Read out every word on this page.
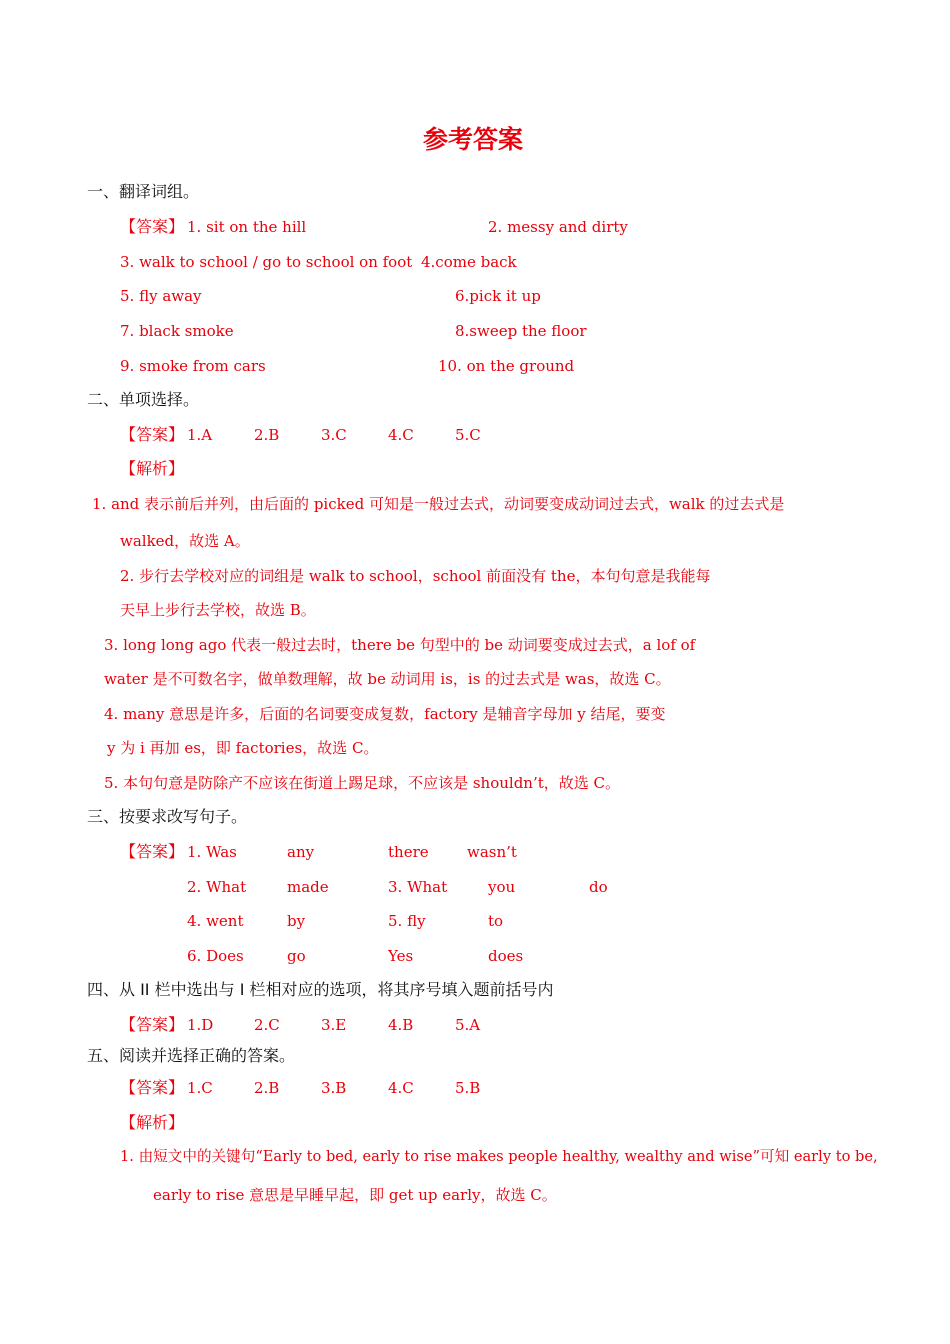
参考答案
一、翻译词组。
【答案】 1. sit on the hill	2. messy and dirty
3. walk to school / go to school on foot 4.come back
5. fly away	6.pick it up
7. black smoke	8.sweep the floor
9. smoke from cars	10. on the ground
二、单项选择。
【答案】 1.A	2.B	3.C	4.C	5.C
【解析】
1. and 表示前后并列，由后面的 picked 可知是一般过去式，动词要变成动词过去式，walk 的过去式是
walked，故选 A。
2. 步行去学校对应的词组是 walk to school，school 前面没有 the，本句句意是我能每
天早上步行去学校，故选 B。
3. long long ago 代表一般过去时，there be 句型中的 be 动词要变成过去式，a lof of
water 是不可数名字，做单数理解，故 be 动词用 is，is 的过去式是 was，故选 C。
4. many 意思是许多，后面的名词要变成复数，factory 是辅音字母加 y 结尾，要变
y 为 i 再加 es，即 factories，故选 C。
5. 本句句意是防除产不应该在街道上踢足球，不应该是 shouldn’t，故选 C。
三、按要求改写句子。
【答案】 1. Was	any	there	wasn’t
2. What	made	3. What	you	do
4. went	by	5. fly	to
6. Does	go	Yes	does
四、从 II 栏中选出与 I 栏相对应的选项，将其序号填入题前括号内
【答案】 1.D	2.C	3.E	4.B	5.A
五、阅读并选择正确的答案。
【答案】 1.C	2.B	3.B	4.C	5.B
【解析】
1. 由短文中的关键句“Early to bed, early to rise makes people healthy, wealthy and wise”可知 early to be,
early to rise 意思是早睡早起，即 get up early，故选 C。
